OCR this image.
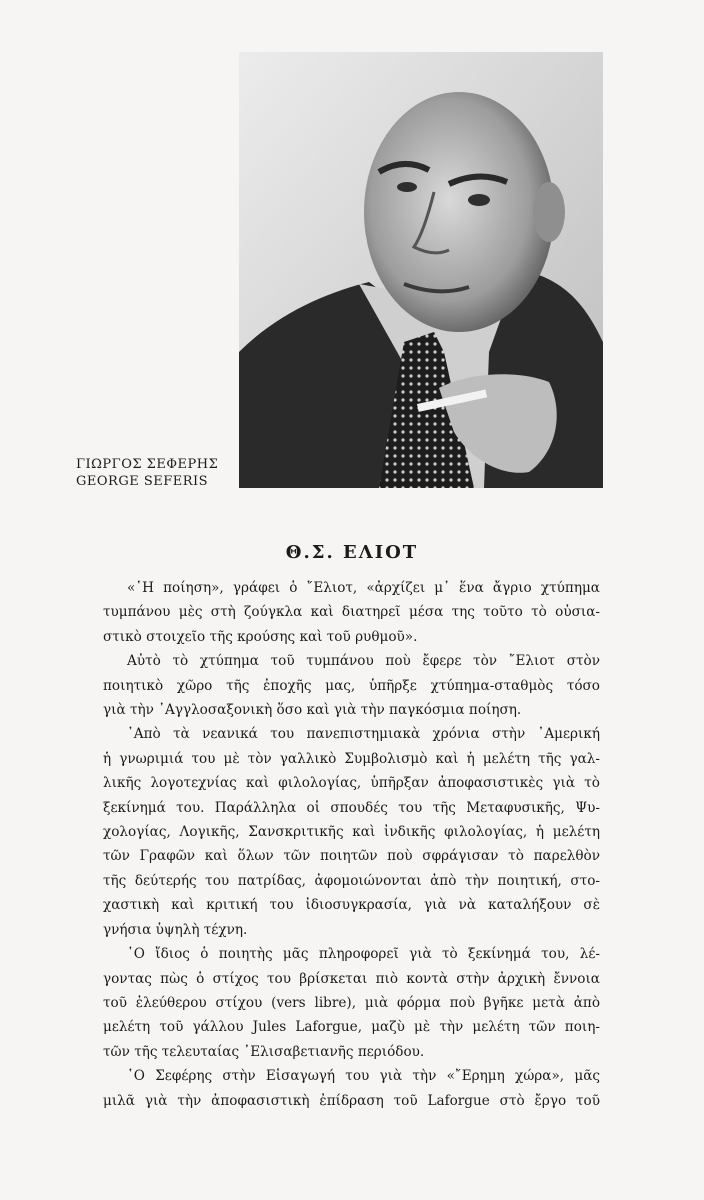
ΓΙΩΡΓΟΣ ΣΕΦΕΡΗΣ
GEORGE SEFERIS
Θ.Σ. ΕΛΙΟΤ

«῾Η ποίηση», γράφει ὁ ῎Ελιοτ, «ἀρχίζει μ᾿ ἕνα ἄγριο χτύπημα
τυμπάνου μὲς στὴ ζούγκλα καὶ διατηρεῖ μέσα της τοῦτο τὸ οὐσια-
στικὸ στοιχεῖο τῆς κρούσης καὶ τοῦ ρυθμοῦ».

Αὐτὸ τὸ χτύπημα τοῦ τυμπάνου ποὺ ἔφερε τὸν ῎Ελιοτ στὸν
ποιητικὸ χῶρο τῆς ἐποχῆς μας, ὑπῆρξε χτύπημα-σταθμὸς τόσο
γιὰ τὴν ᾿Αγγλοσαξονικὴ ὅσο καὶ γιὰ τὴν παγκόσμια ποίηση.

᾿Απὸ τὰ νεανικά του πανεπιστημιακὰ χρόνια στὴν ᾿Αμερική
ἡ γνωριμιά του μὲ τὸν γαλλικὸ Συμβολισμὸ καὶ ἡ μελέτη τῆς γαλ-
λικῆς λογοτεχνίας καὶ φιλολογίας, ὑπῆρξαν ἀποφασιστικὲς γιὰ τὸ
ξεκίνημά του. Παράλληλα οἱ σπουδές του τῆς Μεταφυσικῆς, Ψυ-
χολογίας, Λογικῆς, Σανσκριτικῆς καὶ ἰνδικῆς φιλολογίας, ἡ μελέτη
τῶν Γραφῶν καὶ ὅλων τῶν ποιητῶν ποὺ σφράγισαν τὸ παρελθὸν
τῆς δεύτερής του πατρίδας, ἀφομοιώνονται ἀπὸ τὴν ποιητική, στο-
χαστικὴ καὶ κριτική του ἰδιοσυγκρασία, γιὰ νὰ καταλήξουν σὲ
γνήσια ὑψηλὴ τέχνη.

῾Ο ἴδιος ὁ ποιητὴς μᾶς πληροφορεῖ γιὰ τὸ ξεκίνημά του, λέ-
γοντας πὼς ὁ στίχος του βρίσκεται πιὸ κοντὰ στὴν ἀρχικὴ ἔννοια
τοῦ ἐλεύθερου στίχου (vers libre), μιὰ φόρμα ποὺ βγῆκε μετὰ ἀπὸ
μελέτη τοῦ γάλλου Jules Laforgue, μαζὺ μὲ τὴν μελέτη τῶν ποιη-
τῶν τῆς τελευταίας ᾿Ελισαβετιανῆς περιόδου.

῾Ο Σεφέρης στὴν Εἰσαγωγή του γιὰ τὴν «῎Ερημη χώρα», μᾶς
μιλᾶ γιὰ τὴν ἀποφασιστικὴ ἐπίδραση τοῦ Laforgue στὸ ἔργο τοῦ
